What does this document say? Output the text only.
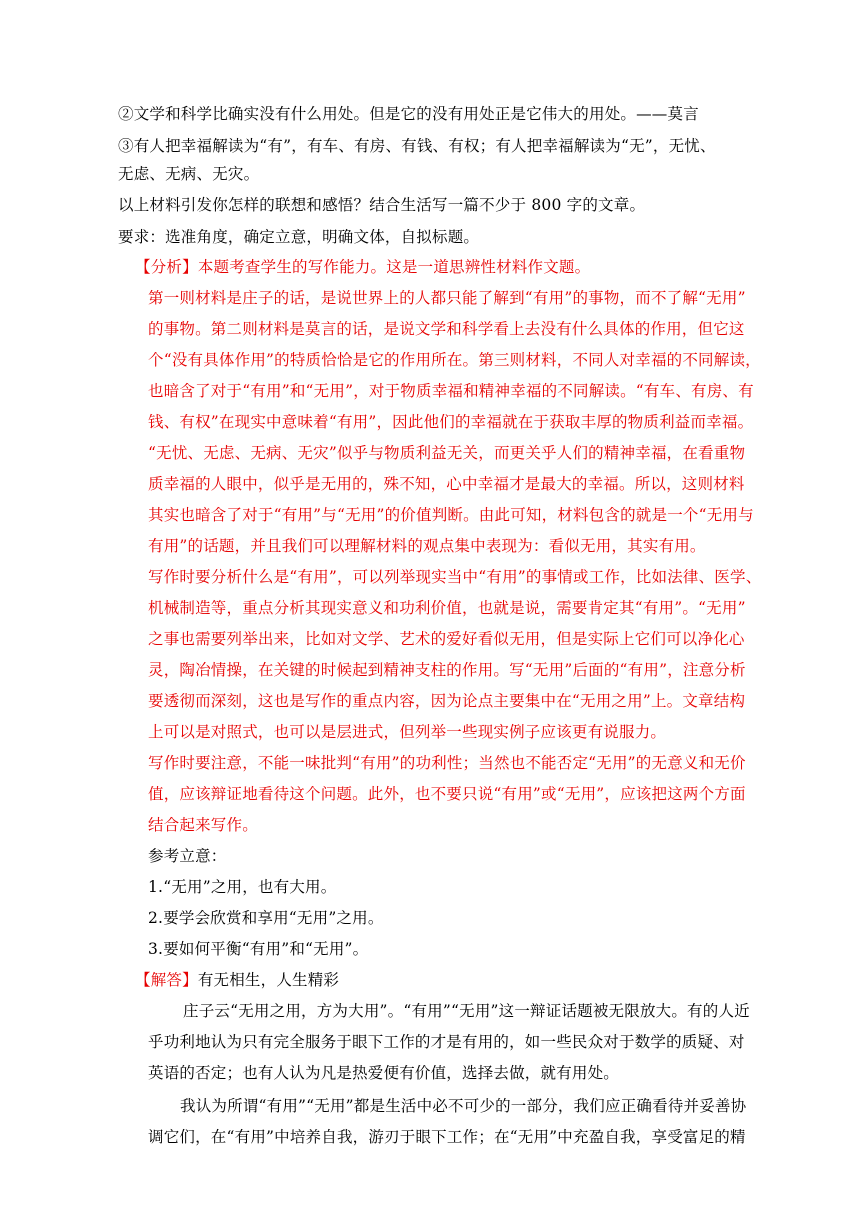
②文学和科学比确实没有什么用处。但是它的没有用处正是它伟大的用处。——莫言
③有人把幸福解读为“有”，有车、有房、有钱、有权；有人把幸福解读为“无”，无忧、
无虑、无病、无灾。
以上材料引发你怎样的联想和感悟？结合生活写一篇不少于 800 字的文章。
要求：选准角度，确定立意，明确文体，自拟标题。
【分析】本题考查学生的写作能力。这是一道思辨性材料作文题。
第一则材料是庄子的话，是说世界上的人都只能了解到“有用”的事物，而不了解“无用”
的事物。第二则材料是莫言的话，是说文学和科学看上去没有什么具体的作用，但它这
个“没有具体作用”的特质恰恰是它的作用所在。第三则材料，不同人对幸福的不同解读，
也暗含了对于“有用”和“无用”，对于物质幸福和精神幸福的不同解读。“有车、有房、有
钱、有权”在现实中意味着“有用”，因此他们的幸福就在于获取丰厚的物质利益而幸福。
“无忧、无虑、无病、无灾”似乎与物质利益无关，而更关乎人们的精神幸福，在看重物
质幸福的人眼中，似乎是无用的，殊不知，心中幸福才是最大的幸福。所以，这则材料
其实也暗含了对于“有用”与“无用”的价值判断。由此可知，材料包含的就是一个“无用与
有用”的话题，并且我们可以理解材料的观点集中表现为：看似无用，其实有用。
写作时要分析什么是“有用”，可以列举现实当中“有用”的事情或工作，比如法律、医学、
机械制造等，重点分析其现实意义和功利价值，也就是说，需要肯定其“有用”。“无用”
之事也需要列举出来，比如对文学、艺术的爱好看似无用，但是实际上它们可以净化心
灵，陶冶情操，在关键的时候起到精神支柱的作用。写“无用”后面的“有用”，注意分析
要透彻而深刻，这也是写作的重点内容，因为论点主要集中在“无用之用”上。文章结构
上可以是对照式，也可以是层进式，但列举一些现实例子应该更有说服力。
写作时要注意，不能一味批判“有用”的功利性；当然也不能否定“无用”的无意义和无价
值，应该辩证地看待这个问题。此外，也不要只说“有用”或“无用”，应该把这两个方面
结合起来写作。
参考立意：
1.“无用”之用，也有大用。
2.要学会欣赏和享用“无用”之用。
3.要如何平衡“有用”和“无用”。
【解答】有无相生，人生精彩
庄子云“无用之用，方为大用”。“有用”“无用”这一辩证话题被无限放大。有的人近
乎功利地认为只有完全服务于眼下工作的才是有用的，如一些民众对于数学的质疑、对
英语的否定；也有人认为凡是热爱便有价值，选择去做，就有用处。
我认为所谓“有用”“无用”都是生活中必不可少的一部分，我们应正确看待并妥善协
调它们，在“有用”中培养自我，游刃于眼下工作；在“无用”中充盈自我，享受富足的精
